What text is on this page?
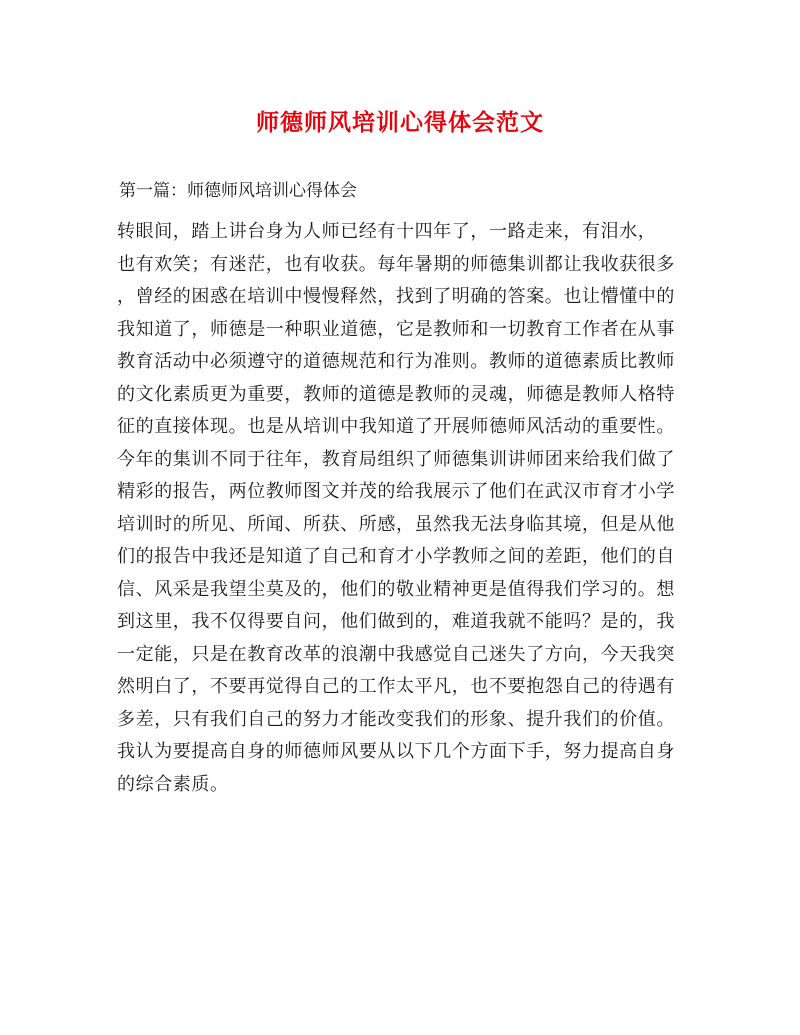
师德师风培训心得体会范文

第一篇：师德师风培训心得体会

转眼间，踏上讲台身为人师已经有十四年了，一路走来，有泪水，
也有欢笑；有迷茫，也有收获。每年暑期的师德集训都让我收获很多
，曾经的困惑在培训中慢慢释然，找到了明确的答案。也让懵懂中的
我知道了，师德是一种职业道德，它是教师和一切教育工作者在从事
教育活动中必须遵守的道德规范和行为准则。教师的道德素质比教师
的文化素质更为重要，教师的道德是教师的灵魂，师德是教师人格特
征的直接体现。也是从培训中我知道了开展师德师风活动的重要性。
今年的集训不同于往年，教育局组织了师德集训讲师团来给我们做了
精彩的报告，两位教师图文并茂的给我展示了他们在武汉市育才小学
培训时的所见、所闻、所获、所感，虽然我无法身临其境，但是从他
们的报告中我还是知道了自己和育才小学教师之间的差距，他们的自
信、风采是我望尘莫及的，他们的敬业精神更是值得我们学习的。想
到这里，我不仅得要自问，他们做到的，难道我就不能吗？是的，我
一定能，只是在教育改革的浪潮中我感觉自己迷失了方向，今天我突
然明白了，不要再觉得自己的工作太平凡，也不要抱怨自己的待遇有
多差，只有我们自己的努力才能改变我们的形象、提升我们的价值。
我认为要提高自身的师德师风要从以下几个方面下手，努力提高自身
的综合素质。
